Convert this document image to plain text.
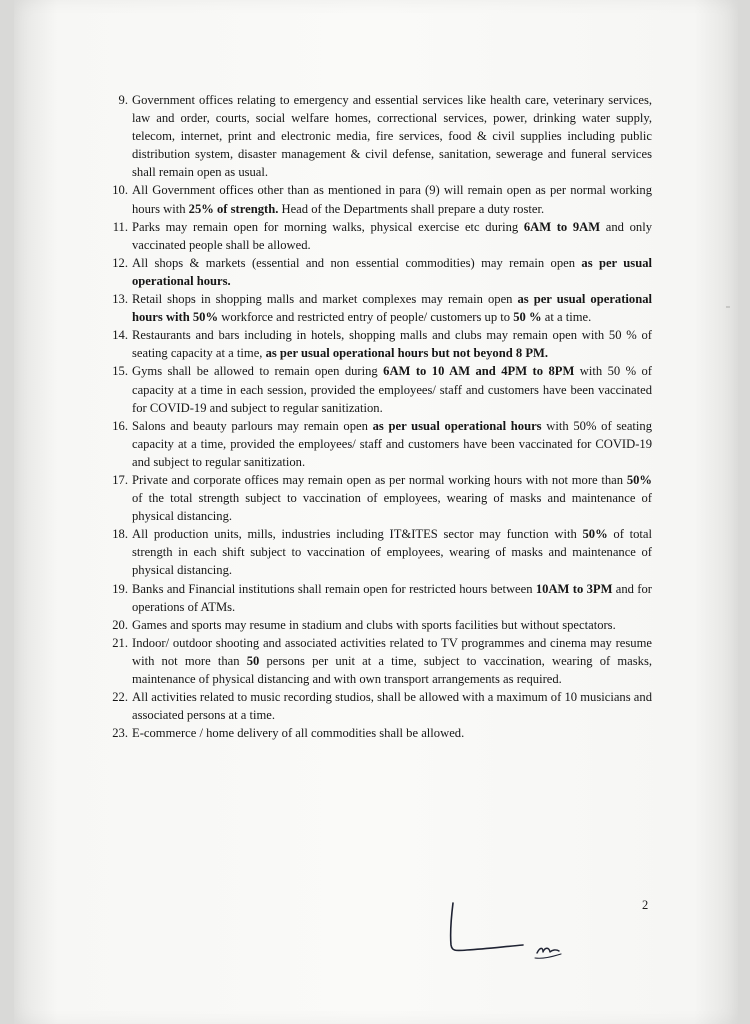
9. Government offices relating to emergency and essential services like health care, veterinary services, law and order, courts, social welfare homes, correctional services, power, drinking water supply, telecom, internet, print and electronic media, fire services, food & civil supplies including public distribution system, disaster management & civil defense, sanitation, sewerage and funeral services shall remain open as usual.
10. All Government offices other than as mentioned in para (9) will remain open as per normal working hours with 25% of strength. Head of the Departments shall prepare a duty roster.
11. Parks may remain open for morning walks, physical exercise etc during 6AM to 9AM and only vaccinated people shall be allowed.
12. All shops & markets (essential and non essential commodities) may remain open as per usual operational hours.
13. Retail shops in shopping malls and market complexes may remain open as per usual operational hours with 50% workforce and restricted entry of people/ customers up to 50 % at a time.
14. Restaurants and bars including in hotels, shopping malls and clubs may remain open with 50 % of seating capacity at a time, as per usual operational hours but not beyond 8 PM.
15. Gyms shall be allowed to remain open during 6AM to 10 AM and 4PM to 8PM with 50 % of capacity at a time in each session, provided the employees/ staff and customers have been vaccinated for COVID-19 and subject to regular sanitization.
16. Salons and beauty parlours may remain open as per usual operational hours with 50% of seating capacity at a time, provided the employees/ staff and customers have been vaccinated for COVID-19 and subject to regular sanitization.
17. Private and corporate offices may remain open as per normal working hours with not more than 50% of the total strength subject to vaccination of employees, wearing of masks and maintenance of physical distancing.
18. All production units, mills, industries including IT&ITES sector may function with 50% of total strength in each shift subject to vaccination of employees, wearing of masks and maintenance of physical distancing.
19. Banks and Financial institutions shall remain open for restricted hours between 10AM to 3PM and for operations of ATMs.
20. Games and sports may resume in stadium and clubs with sports facilities but without spectators.
21. Indoor/ outdoor shooting and associated activities related to TV programmes and cinema may resume with not more than 50 persons per unit at a time, subject to vaccination, wearing of masks, maintenance of physical distancing and with own transport arrangements as required.
22. All activities related to music recording studios, shall be allowed with a maximum of 10 musicians and associated persons at a time.
23. E-commerce / home delivery of all commodities shall be allowed.
2
